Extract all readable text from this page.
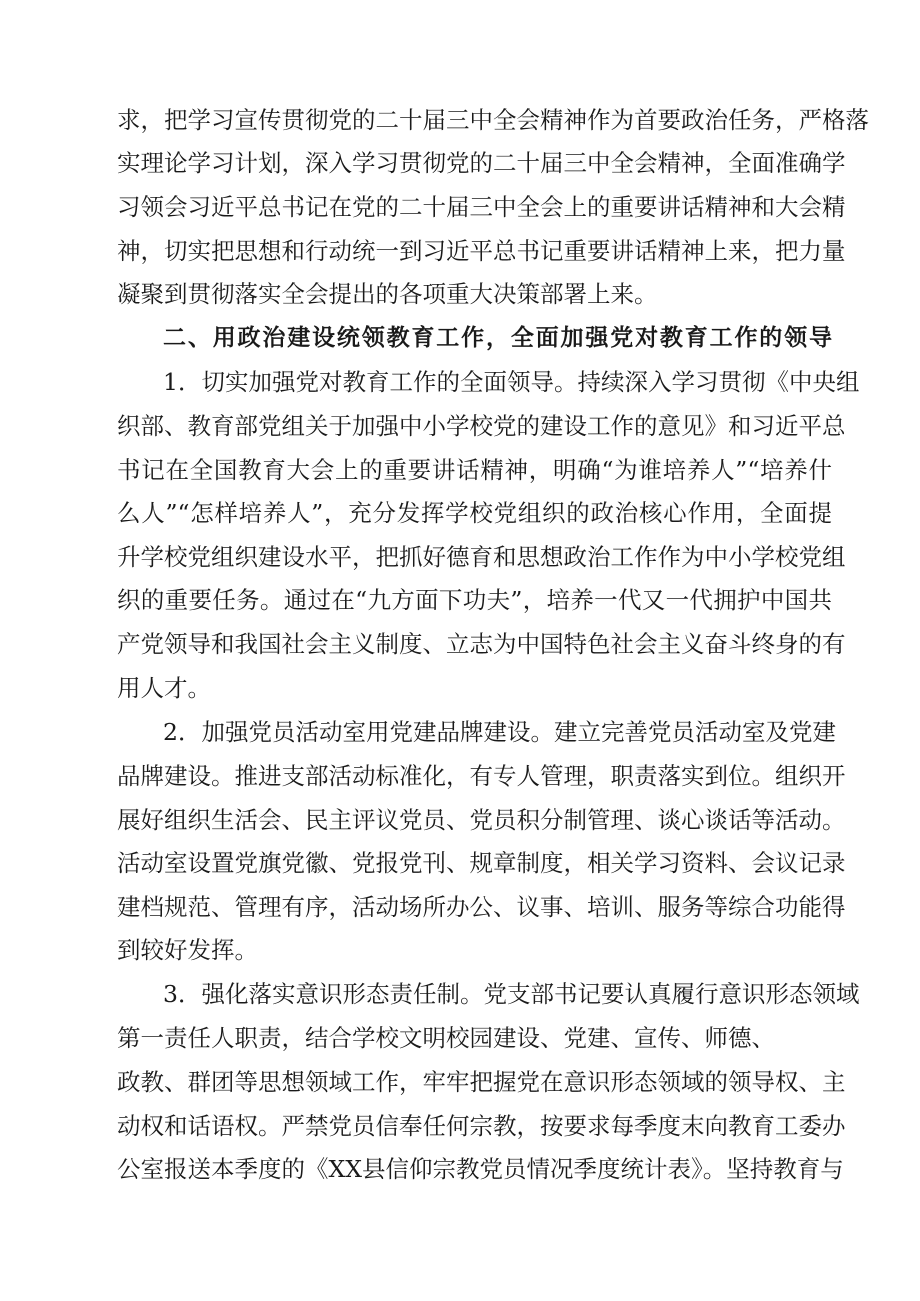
求，把学习宣传贯彻党的二十届三中全会精神作为首要政治任务，严格落
实理论学习计划，深入学习贯彻党的二十届三中全会精神，全面准确学
习领会习近平总书记在党的二十届三中全会上的重要讲话精神和大会精
神，切实把思想和行动统一到习近平总书记重要讲话精神上来，把力量
凝聚到贯彻落实全会提出的各项重大决策部署上来。
二、用政治建设统领教育工作，全面加强党对教育工作的领导
1．切实加强党对教育工作的全面领导。持续深入学习贯彻《中央组
织部、教育部党组关于加强中小学校党的建设工作的意见》和习近平总
书记在全国教育大会上的重要讲话精神，明确“为谁培养人”“培养什
么人”“怎样培养人”，充分发挥学校党组织的政治核心作用，全面提
升学校党组织建设水平，把抓好德育和思想政治工作作为中小学校党组
织的重要任务。通过在“九方面下功夫”，培养一代又一代拥护中国共
产党领导和我国社会主义制度、立志为中国特色社会主义奋斗终身的有
用人才。
2．加强党员活动室用党建品牌建设。建立完善党员活动室及党建
品牌建设。推进支部活动标准化，有专人管理，职责落实到位。组织开
展好组织生活会、民主评议党员、党员积分制管理、谈心谈话等活动。
活动室设置党旗党徽、党报党刊、规章制度，相关学习资料、会议记录
建档规范、管理有序，活动场所办公、议事、培训、服务等综合功能得
到较好发挥。
3．强化落实意识形态责任制。党支部书记要认真履行意识形态领域
第一责任人职责，结合学校文明校园建设、党建、宣传、师德、
政教、群团等思想领域工作，牢牢把握党在意识形态领域的领导权、主
动权和话语权。严禁党员信奉任何宗教，按要求每季度末向教育工委办
公室报送本季度的《XX县信仰宗教党员情况季度统计表》。坚持教育与
